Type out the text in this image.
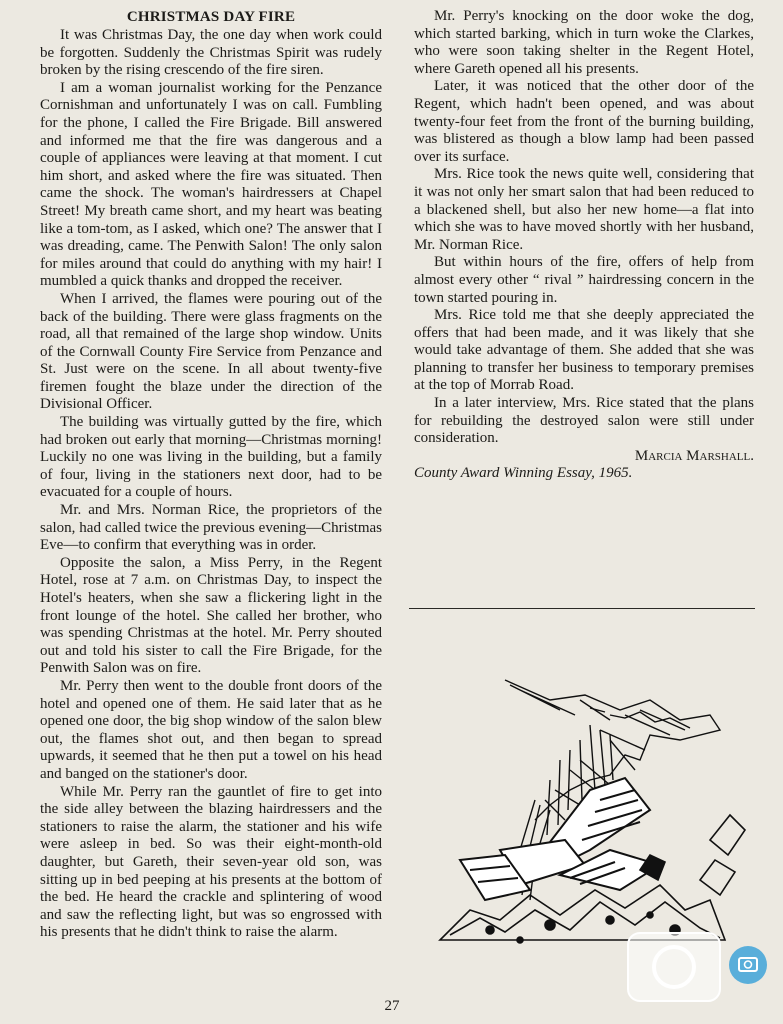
CHRISTMAS DAY FIRE

It was Christmas Day, the one day when work could be forgotten. Suddenly the Christmas Spirit was rudely broken by the rising crescendo of the fire siren.

I am a woman journalist working for the Penzance Cornishman and unfortunately I was on call. Fumbling for the phone, I called the Fire Brigade. Bill answered and informed me that the fire was dangerous and a couple of appliances were leaving at that moment. I cut him short, and asked where the fire was situated. Then came the shock. The woman's hairdressers at Chapel Street! My breath came short, and my heart was beating like a tom-tom, as I asked, which one? The answer that I was dreading, came. The Penwith Salon! The only salon for miles around that could do anything with my hair! I mumbled a quick thanks and dropped the receiver.

When I arrived, the flames were pouring out of the back of the building. There were glass fragments on the road, all that remained of the large shop window. Units of the Cornwall County Fire Service from Penzance and St. Just were on the scene. In all about twenty-five firemen fought the blaze under the direction of the Divisional Officer.

The building was virtually gutted by the fire, which had broken out early that morning—Christmas morning! Luckily no one was living in the building, but a family of four, living in the stationers next door, had to be evacuated for a couple of hours.

Mr. and Mrs. Norman Rice, the proprietors of the salon, had called twice the previous evening—Christmas Eve—to confirm that everything was in order.

Opposite the salon, a Miss Perry, in the Regent Hotel, rose at 7 a.m. on Christmas Day, to inspect the Hotel's heaters, when she saw a flickering light in the front lounge of the hotel. She called her brother, who was spending Christmas at the hotel. Mr. Perry shouted out and told his sister to call the Fire Brigade, for the Penwith Salon was on fire.

Mr. Perry then went to the double front doors of the hotel and opened one of them. He said later that as he opened one door, the big shop window of the salon blew out, the flames shot out, and then began to spread upwards, it seemed that he then put a towel on his head and banged on the stationer's door.

While Mr. Perry ran the gauntlet of fire to get into the side alley between the blazing hairdressers and the stationers to raise the alarm, the stationer and his wife were asleep in bed. So was their eight-month-old daughter, but Gareth, their seven-year old son, was sitting up in bed peeping at his presents at the bottom of the bed. He heard the crackle and splintering of wood and saw the reflecting light, but was so engrossed with his presents that he didn't think to raise the alarm.

Mr. Perry's knocking on the door woke the dog, which started barking, which in turn woke the Clarkes, who were soon taking shelter in the Regent Hotel, where Gareth opened all his presents.

Later, it was noticed that the other door of the Regent, which hadn't been opened, and was about twenty-four feet from the front of the burning building, was blistered as though a blow lamp had been passed over its surface.

Mrs. Rice took the news quite well, considering that it was not only her smart salon that had been reduced to a blackened shell, but also her new home—a flat into which she was to have moved shortly with her husband, Mr. Norman Rice.

But within hours of the fire, offers of help from almost every other “ rival ” hairdressing concern in the town started pouring in.

Mrs. Rice told me that she deeply appreciated the offers that had been made, and it was likely that she would take advantage of them. She added that she was planning to transfer her business to temporary premises at the top of Morrab Road.

In a later interview, Mrs. Rice stated that the plans for rebuilding the destroyed salon were still under consideration.

Marcia Marshall.

County Award Winning Essay, 1965.

27
